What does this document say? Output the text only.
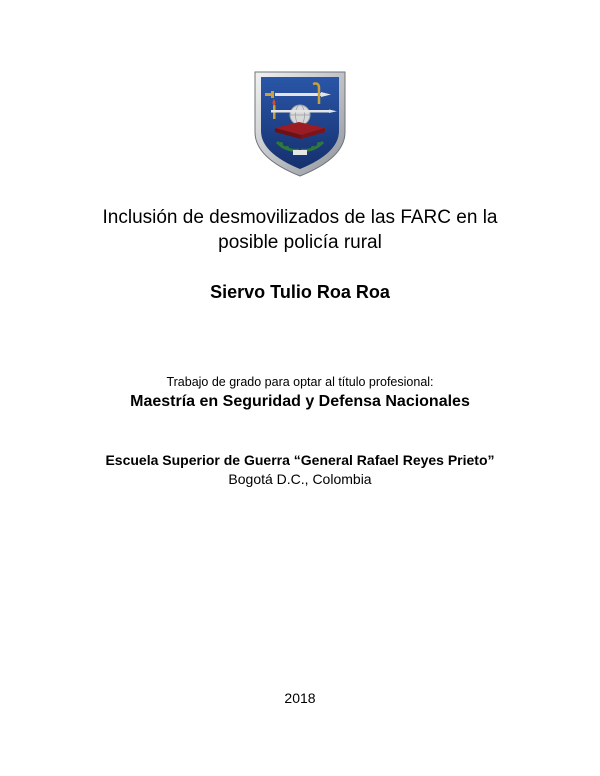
Inclusión de desmovilizados de las FARC en la
posible policía rural
Siervo Tulio Roa Roa
Trabajo de grado para optar al título profesional:
Maestría en Seguridad y Defensa Nacionales
Escuela Superior de Guerra “General Rafael Reyes Prieto”
Bogotá D.C., Colombia
2018
